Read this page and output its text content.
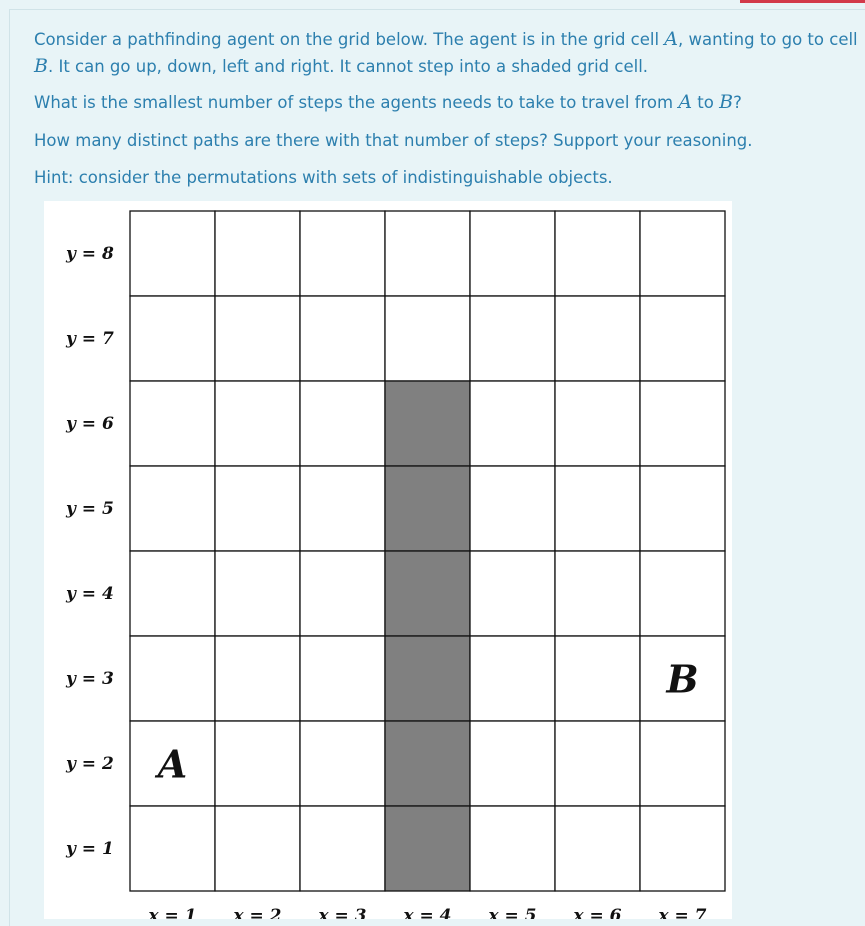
Consider a pathfinding agent on the grid below. The agent is in the grid cell A, wanting to go to cell B. It can go up, down, left and right. It cannot step into a shaded grid cell.

What is the smallest number of steps the agents needs to take to travel from A to B?

How many distinct paths are there with that number of steps? Support your reasoning.

Hint: consider the permutations with sets of indistinguishable objects.

y = 1
y = 2
y = 3
y = 4
y = 5
y = 6
y = 7
y = 8
x = 1 x = 2 x = 3 x = 4 x = 5 x = 6 x = 7
A
B
